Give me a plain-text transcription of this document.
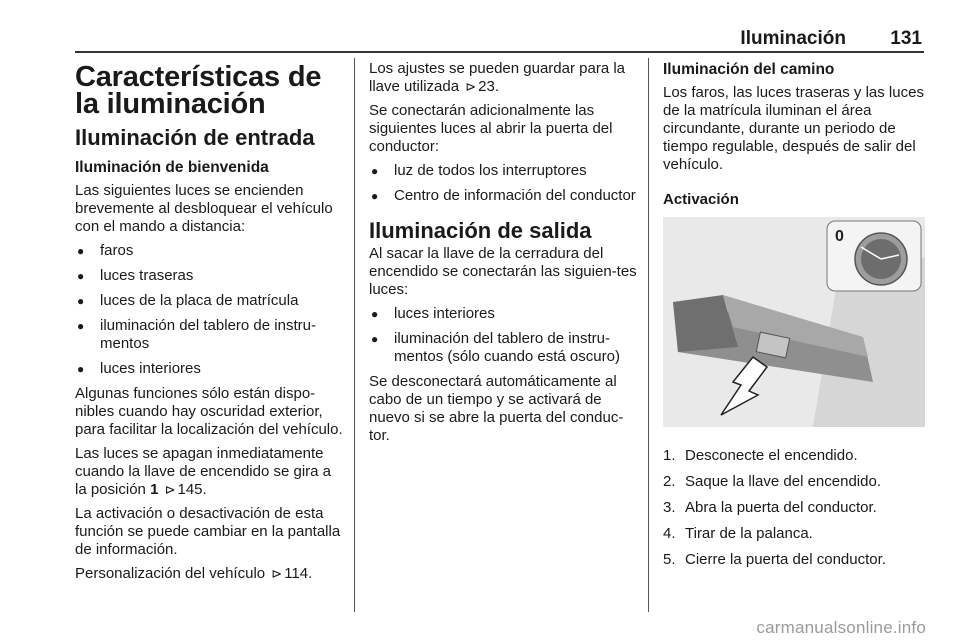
Iluminación 131
Características de la iluminación
Iluminación de entrada
Iluminación de bienvenida

Las siguientes luces se encienden brevemente al desbloquear el vehículo con el mando a distancia:

● faros
● luces traseras
● luces de la placa de matrícula
● iluminación del tablero de instru-mentos
● luces interiores

Algunas funciones sólo están dispo-nibles cuando hay oscuridad exterior, para facilitar la localización del vehículo.

Las luces se apagan inmediatamente cuando la llave de encendido se gira a la posición 1 ⊳ 145.

La activación o desactivación de esta función se puede cambiar en la pantalla de información.

Personalización del vehículo ⊳ 114.

Los ajustes se pueden guardar para la llave utilizada ⊳ 23.

Se conectarán adicionalmente las siguientes luces al abrir la puerta del conductor:

● luz de todos los interruptores
● Centro de información del conductor
Iluminación de salida

Al sacar la llave de la cerradura del encendido se conectarán las siguien-tes luces:

● luces interiores
● iluminación del tablero de instru-mentos (sólo cuando está oscuro)

Se desconectará automáticamente al cabo de un tiempo y se activará de nuevo si se abre la puerta del conduc-tor.

Iluminación del camino

Los faros, las luces traseras y las luces de la matrícula iluminan el área circundante, durante un periodo de tiempo regulable, después de salir del vehículo.

Activación
0
1. Desconecte el encendido.
2. Saque la llave del encendido.
3. Abra la puerta del conductor.
4. Tirar de la palanca.
5. Cierre la puerta del conductor.
carmanualsonline.info
